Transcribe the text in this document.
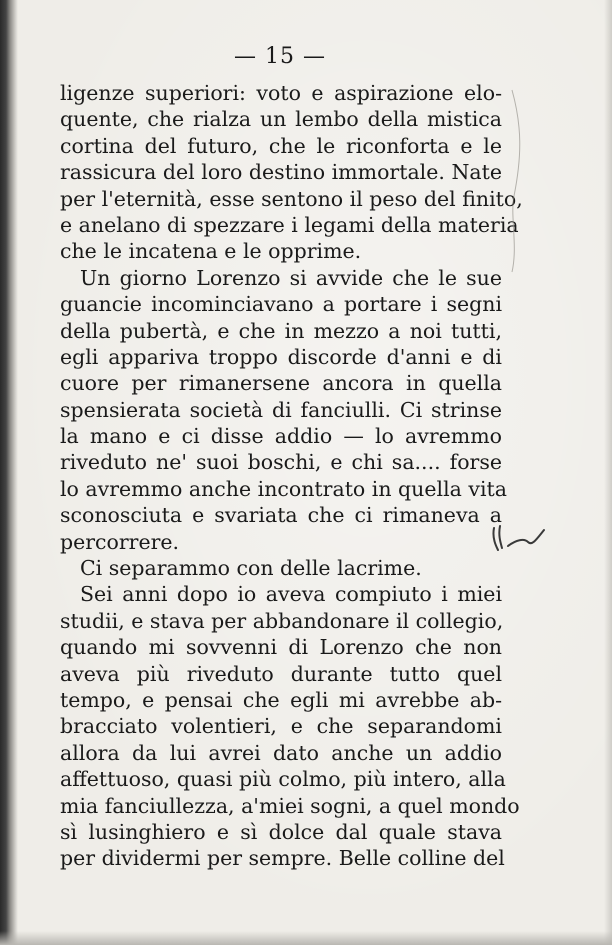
— 15 —
ligenze superiori: voto e aspirazione elo-
quente, che rialza un lembo della mistica
cortina del futuro, che le riconforta e le
rassicura del loro destino immortale. Nate
per l'eternità, esse sentono il peso del finito,
e anelano di spezzare i legami della materia
che le incatena e le opprime.
Un giorno Lorenzo si avvide che le sue
guancie incominciavano a portare i segni
della pubertà, e che in mezzo a noi tutti,
egli appariva troppo discorde d'anni e di
cuore per rimanersene ancora in quella
spensierata società di fanciulli. Ci strinse
la mano e ci disse addio — lo avremmo
riveduto ne' suoi boschi, e chi sa.... forse
lo avremmo anche incontrato in quella vita
sconosciuta e svariata che ci rimaneva a
percorrere.
Ci separammo con delle lacrime.
Sei anni dopo io aveva compiuto i miei
studii, e stava per abbandonare il collegio,
quando mi sovvenni di Lorenzo che non
aveva più riveduto durante tutto quel
tempo, e pensai che egli mi avrebbe ab-
bracciato volentieri, e che separandomi
allora da lui avrei dato anche un addio
affettuoso, quasi più colmo, più intero, alla
mia fanciullezza, a'miei sogni, a quel mondo
sì lusinghiero e sì dolce dal quale stava
per dividermi per sempre. Belle colline del
